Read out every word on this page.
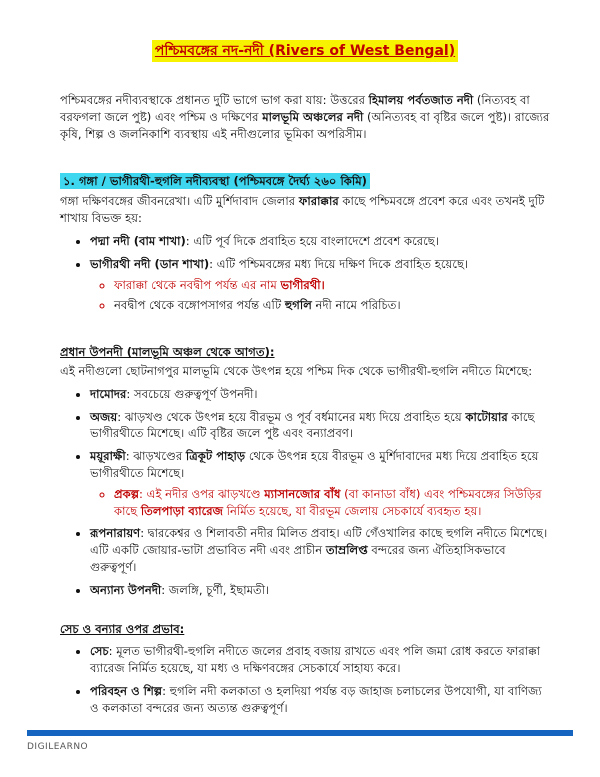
পশ্চিমবঙ্গের নদ-নদী (Rivers of West Bengal)

পশ্চিমবঙ্গের নদীব্যবস্থাকে প্রধানত দুটি ভাগে ভাগ করা যায়: উত্তরের হিমালয় পর্বতজাত নদী (নিত্যবহ বা বরফগলা জলে পুষ্ট) এবং পশ্চিম ও দক্ষিণের মালভূমি অঞ্চলের নদী (অনিত্যবহ বা বৃষ্টির জলে পুষ্ট)। রাজ্যের কৃষি, শিল্প ও জলনিকাশি ব্যবস্থায় এই নদীগুলোর ভূমিকা অপরিসীম।

১. গঙ্গা / ভাগীরথী-হুগলি নদীব্যবস্থা (পশ্চিমবঙ্গে দৈর্ঘ্য ২৬০ কিমি)

গঙ্গা দক্ষিণবঙ্গের জীবনরেখা। এটি মুর্শিদাবাদ জেলার ফারাক্কার কাছে পশ্চিমবঙ্গে প্রবেশ করে এবং তখনই দুটি শাখায় বিভক্ত হয়:

• পদ্মা নদী (বাম শাখা): এটি পূর্ব দিকে প্রবাহিত হয়ে বাংলাদেশে প্রবেশ করেছে।
• ভাগীরথী নদী (ডান শাখা): এটি পশ্চিমবঙ্গের মধ্য দিয়ে দক্ষিণ দিকে প্রবাহিত হয়েছে।
◦ ফারাক্কা থেকে নবদ্বীপ পর্যন্ত এর নাম ভাগীরথী।
◦ নবদ্বীপ থেকে বঙ্গোপসাগর পর্যন্ত এটি হুগলি নদী নামে পরিচিত।
প্রধান উপনদী (মালভূমি অঞ্চল থেকে আগত):

এই নদীগুলো ছোটনাগপুর মালভূমি থেকে উৎপন্ন হয়ে পশ্চিম দিক থেকে ভাগীরথী-হুগলি নদীতে মিশেছে:

• দামোদর: সবচেয়ে গুরুত্বপূর্ণ উপনদী।
• অজয়: ঝাড়খণ্ড থেকে উৎপন্ন হয়ে বীরভূম ও পূর্ব বর্ধমানের মধ্য দিয়ে প্রবাহিত হয়ে কাটোয়ার কাছে ভাগীরথীতে মিশেছে। এটি বৃষ্টির জলে পুষ্ট এবং বন্যাপ্রবণ।
• ময়ূরাক্ষী: ঝাড়খণ্ডের ত্রিকূট পাহাড় থেকে উৎপন্ন হয়ে বীরভূম ও মুর্শিদাবাদের মধ্য দিয়ে প্রবাহিত হয়ে ভাগীরথীতে মিশেছে।
◦ প্রকল্প: এই নদীর ওপর ঝাড়খণ্ডে ম্যাসানজোর বাঁধ (বা কানাডা বাঁধ) এবং পশ্চিমবঙ্গের সিউড়ির কাছে তিলপাড়া ব্যারেজ নির্মিত হয়েছে, যা বীরভূম জেলায় সেচকার্যে ব্যবহৃত হয়।
• রূপনারায়ণ: দ্বারকেশ্বর ও শিলাবতী নদীর মিলিত প্রবাহ। এটি গেঁওখালির কাছে হুগলি নদীতে মিশেছে। এটি একটি জোয়ার-ভাটা প্রভাবিত নদী এবং প্রাচীন তাম্রলিপ্ত বন্দরের জন্য ঐতিহাসিকভাবে গুরুত্বপূর্ণ।
• অন্যান্য উপনদী: জলঙ্গি, চূর্ণী, ইছামতী।
সেচ ও বন্যার ওপর প্রভাব:
• সেচ: মূলত ভাগীরথী-হুগলি নদীতে জলের প্রবাহ বজায় রাখতে এবং পলি জমা রোধ করতে ফারাক্কা ব্যারেজ নির্মিত হয়েছে, যা মধ্য ও দক্ষিণবঙ্গের সেচকার্যে সাহায্য করে।
• পরিবহন ও শিল্প: হুগলি নদী কলকাতা ও হলদিয়া পর্যন্ত বড় জাহাজ চলাচলের উপযোগী, যা বাণিজ্য ও কলকাতা বন্দরের জন্য অত্যন্ত গুরুত্বপূর্ণ।
DIGILEARNO
